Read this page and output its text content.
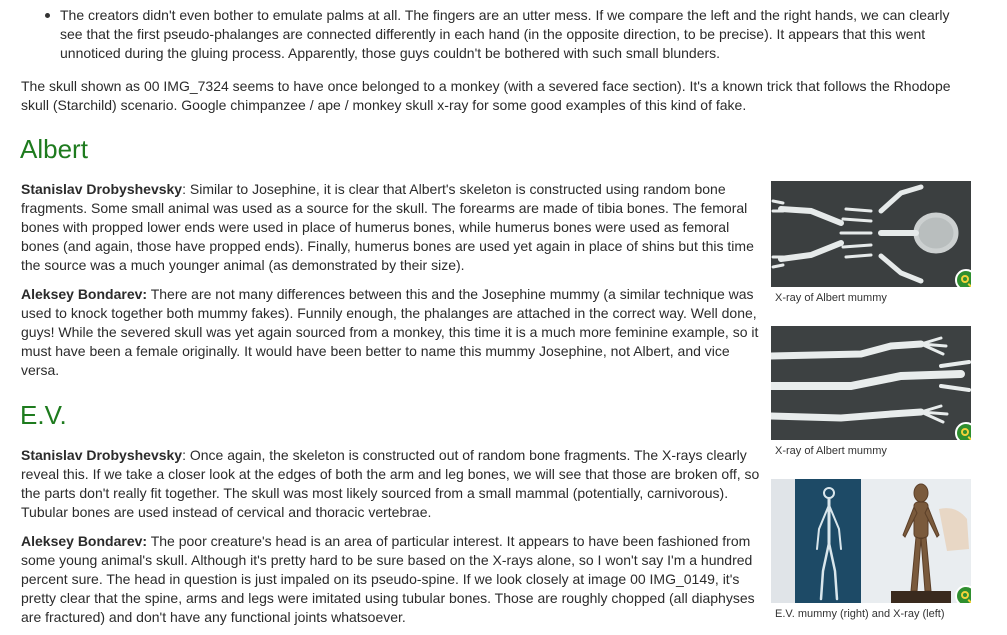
The creators didn't even bother to emulate palms at all. The fingers are an utter mess. If we compare the left and the right hands, we can clearly see that the first pseudo-phalanges are connected differently in each hand (in the opposite direction, to be precise). It appears that this went unnoticed during the gluing process. Apparently, those guys couldn't be bothered with such small blunders.

The skull shown as 00 IMG_7324 seems to have once belonged to a monkey (with a severed face section). It's a known trick that follows the Rhodope skull (Starchild) scenario. Google chimpanzee / ape / monkey skull x-ray for some good examples of this kind of fake.

Albert

Stanislav Drobyshevsky: Similar to Josephine, it is clear that Albert's skeleton is constructed using random bone fragments. Some small animal was used as a source for the skull. The forearms are made of tibia bones. The femoral bones with propped lower ends were used in place of humerus bones, while humerus bones were used as femoral bones (and again, those have propped ends). Finally, humerus bones are used yet again in place of shins but this time the source was a much younger animal (as demonstrated by their size).

Aleksey Bondarev: There are not many differences between this and the Josephine mummy (a similar technique was used to knock together both mummy fakes). Funnily enough, the phalanges are attached in the correct way. Well done, guys! While the severed skull was yet again sourced from a monkey, this time it is a much more feminine example, so it must have been a female originally. It would have been better to name this mummy Josephine, not Albert, and vice versa.

E.V.

Stanislav Drobyshevsky: Once again, the skeleton is constructed out of random bone fragments. The X-rays clearly reveal this. If we take a closer look at the edges of both the arm and leg bones, we will see that those are broken off, so the parts don't really fit together. The skull was most likely sourced from a small mammal (potentially, carnivorous). Tubular bones are used instead of cervical and thoracic vertebrae.

Aleksey Bondarev: The poor creature's head is an area of particular interest. It appears to have been fashioned from some young animal's skull. Although it's pretty hard to be sure based on the X-rays alone, so I won't say I'm a hundred percent sure. The head in question is just impaled on its pseudo-spine. If we look closely at image 00 IMG_0149, it's pretty clear that the spine, arms and legs were imitated using tubular bones. Those are roughly chopped (all diaphyses are fractured) and don't have any functional joints whatsoever.

X-ray of Albert mummy
X-ray of Albert mummy
E.V. mummy (right) and X-ray (left)
